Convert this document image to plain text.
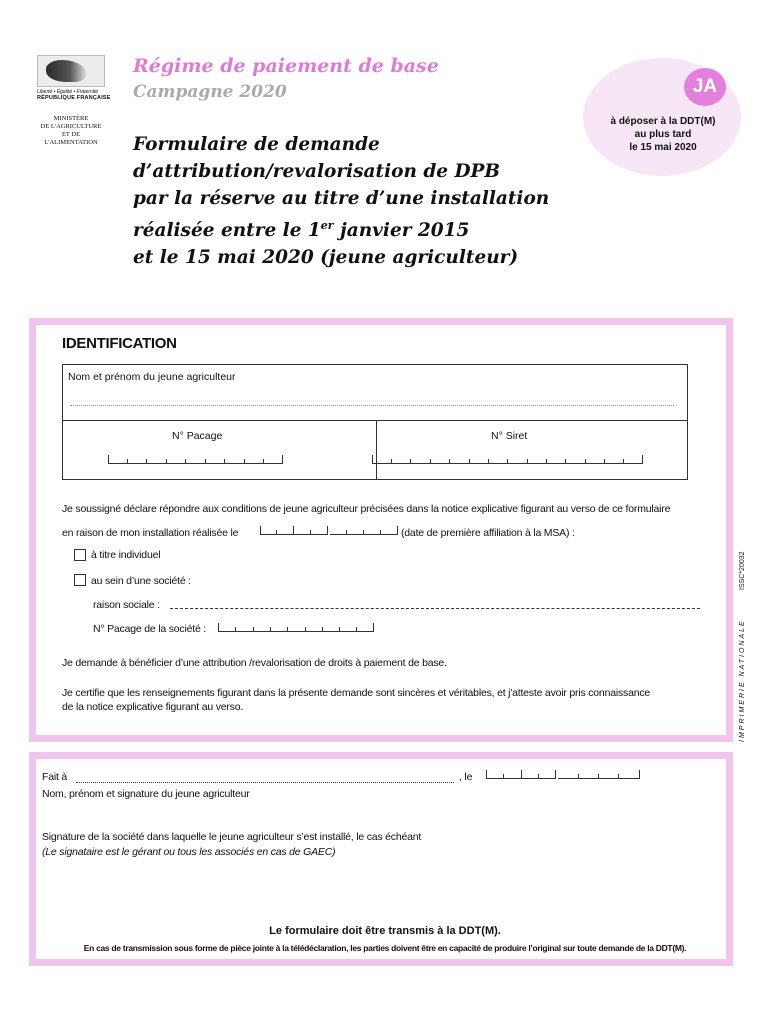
Liberté • Égalité • Fraternité
RÉPUBLIQUE FRANÇAISE
MINISTÈRE
DE L'AGRICULTURE
ET DE
L'ALIMENTATION
Régime de paiement de base
Campagne 2020
Formulaire de demande
d’attribution/revalorisation de DPB
par la réserve au titre d’une installation
réalisée entre le 1er janvier 2015
et le 15 mai 2020 (jeune agriculteur)
JA
à déposer à la DDT(M)
au plus tard
le 15 mai 2020
IDENTIFICATION
Nom et prénom du jeune agriculteur
N° Pacage	N° Siret
Je soussigné déclare répondre aux conditions de jeune agriculteur précisées dans la notice explicative figurant au verso de ce formulaire
en raison de mon installation réalisée le	(date de première affiliation à la MSA) :
à titre individuel
au sein d’une société :
raison sociale :
N° Pacage de la société :
Je demande à bénéficier d’une attribution /revalorisation de droits à paiement de base.
Je certifie que les renseignements figurant dans la présente demande sont sincères et véritables, et j'atteste avoir pris connaissance
de la notice explicative figurant au verso.
ISSC*20032
IMPRIMERIE NATIONALE
Fait à	, le
Nom, prénom et signature du jeune agriculteur
Signature de la société dans laquelle le jeune agriculteur s’est installé, le cas échéant
(Le signataire est le gérant ou tous les associés en cas de GAEC)
Le formulaire doit être transmis à la DDT(M).
En cas de transmission sous forme de pièce jointe à la télédéclaration, les parties doivent être en capacité de produire l’original sur toute demande de la DDT(M).
